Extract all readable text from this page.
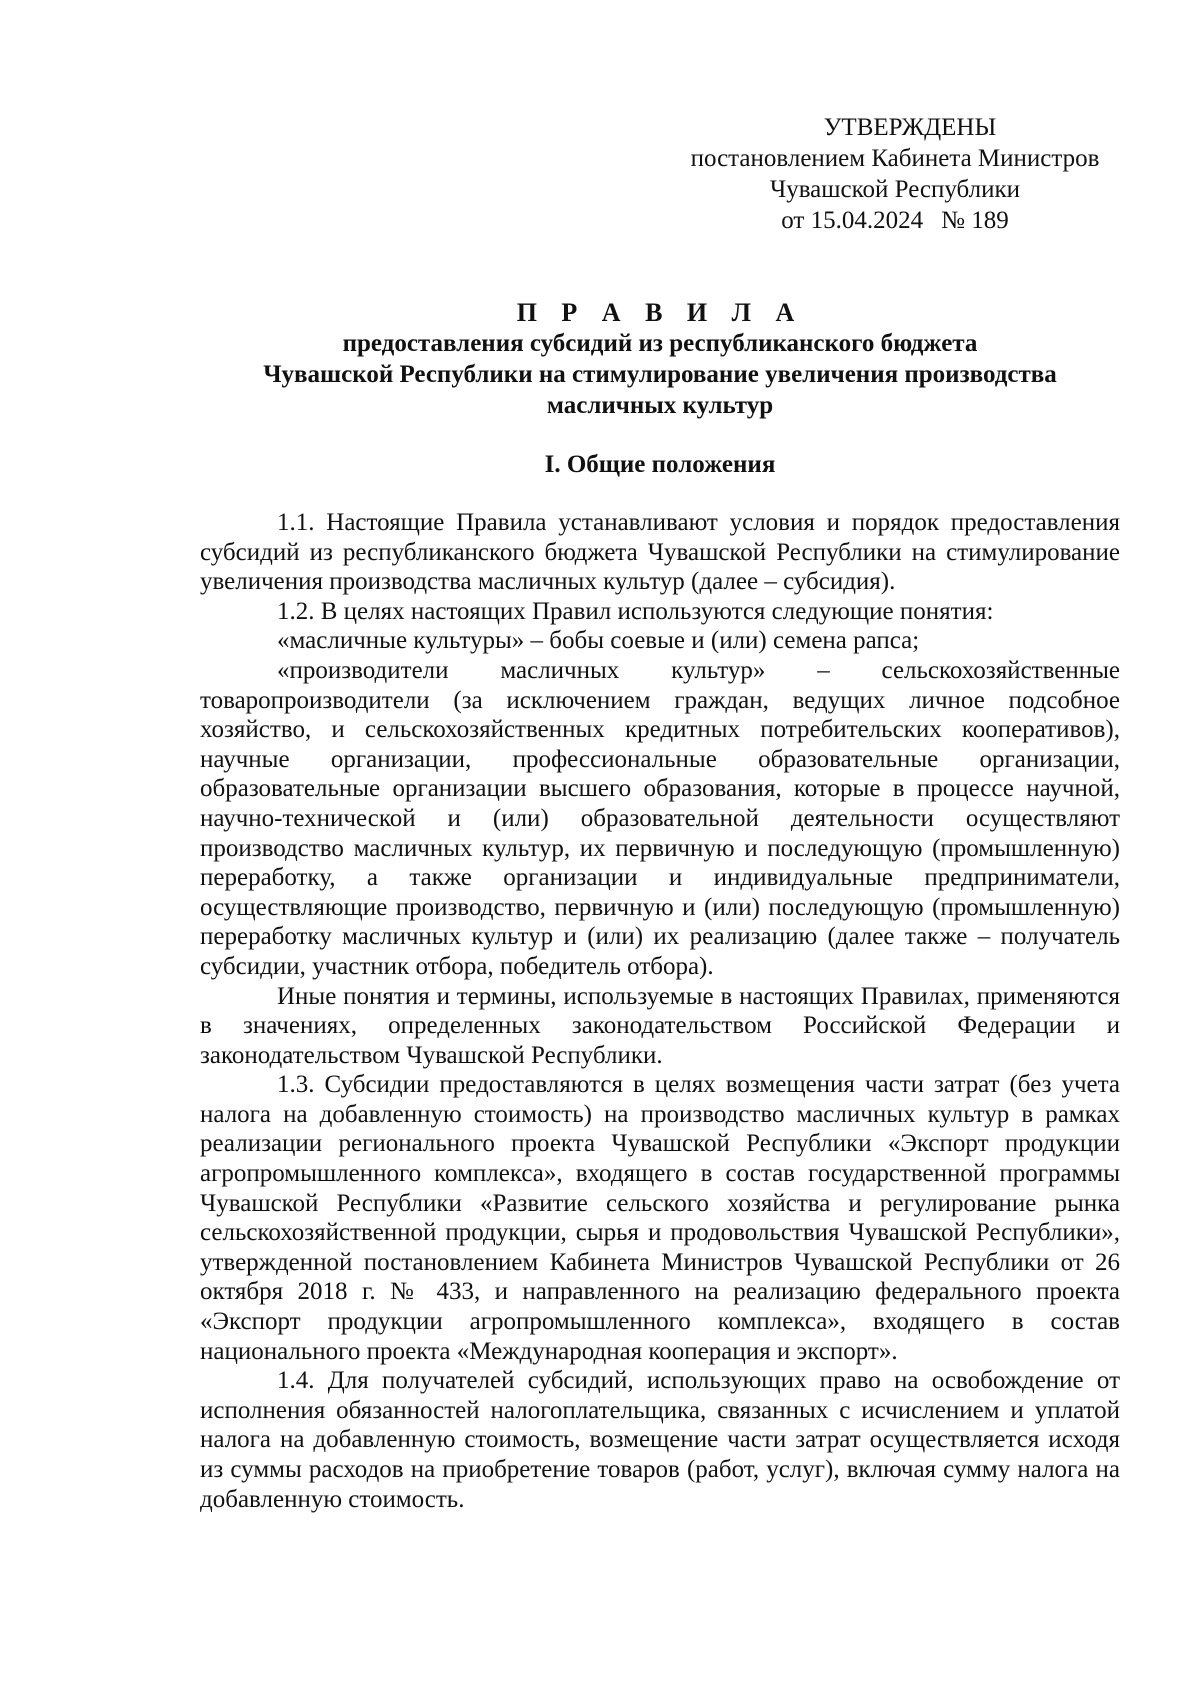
УТВЕРЖДЕНЫ
постановлением Кабинета Министров
Чувашской Республики
от 15.04.2024 № 189
П Р А В И Л А
предоставления субсидий из республиканского бюджета
Чувашской Республики на стимулирование увеличения производства
масличных культур
I. Общие положения

1.1. Настоящие Правила устанавливают условия и порядок предоставления субсидий из республиканского бюджета Чувашской Республики на стимулирование увеличения производства масличных культур (далее – субсидия).

1.2. В целях настоящих Правил используются следующие понятия:

«масличные культуры» – бобы соевые и (или) семена рапса;

«производители масличных культур» – сельскохозяйственные товаропроизводители (за исключением граждан, ведущих личное подсобное хозяйство, и сельскохозяйственных кредитных потребительских кооперативов), научные организации, профессиональные образовательные организации, образовательные организации высшего образования, которые в процессе научной, научно-технической и (или) образовательной деятельности осуществляют производство масличных культур, их первичную и последующую (промышленную) переработку, а также организации и индивидуальные предприниматели, осуществляющие производство, первичную и (или) последующую (промышленную) переработку масличных культур и (или) их реализацию (далее также – получатель субсидии, участник отбора, победитель отбора).

Иные понятия и термины, используемые в настоящих Правилах, применяются в значениях, определенных законодательством Российской Федерации и законодательством Чувашской Республики.

1.3. Субсидии предоставляются в целях возмещения части затрат (без учета налога на добавленную стоимость) на производство масличных культур в рамках реализации регионального проекта Чувашской Республики «Экспорт продукции агропромышленного комплекса», входящего в состав государственной программы Чувашской Республики «Развитие сельского хозяйства и регулирование рынка сельскохозяйственной продукции, сырья и продовольствия Чувашской Республики», утвержденной постановлением Кабинета Министров Чувашской Республики от 26 октября 2018 г. № 433, и направленного на реализацию федерального проекта «Экспорт продукции агропромышленного комплекса», входящего в состав национального проекта «Международная кооперация и экспорт».

1.4. Для получателей субсидий, использующих право на освобождение от исполнения обязанностей налогоплательщика, связанных с исчислением и уплатой налога на добавленную стоимость, возмещение части затрат осуществляется исходя из суммы расходов на приобретение товаров (работ, услуг), включая сумму налога на добавленную стоимость.
